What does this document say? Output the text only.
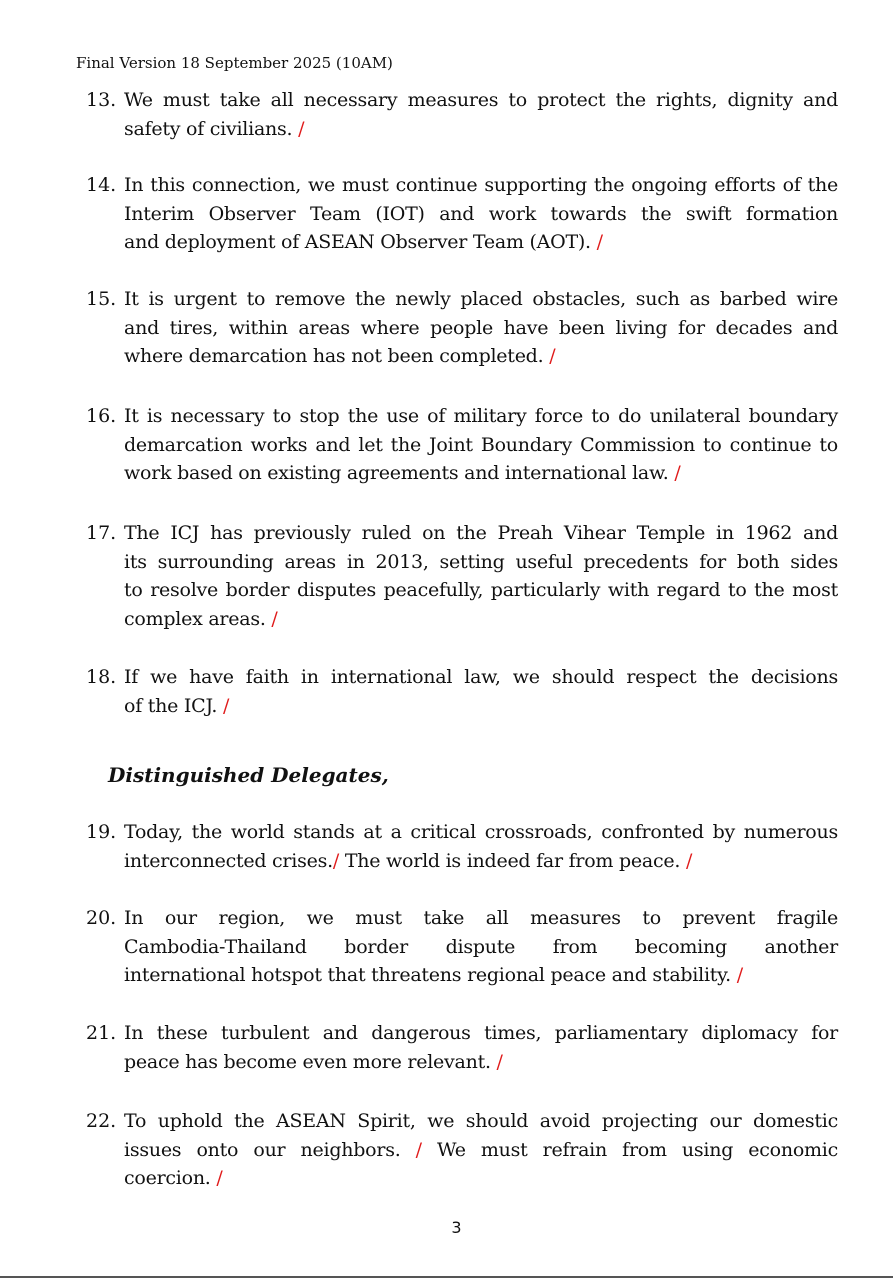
Final Version 18 September 2025 (10AM)
13. We must take all necessary measures to protect the rights, dignity and
safety of civilians. /
14. In this connection, we must continue supporting the ongoing efforts of the
Interim Observer Team (IOT) and work towards the swift formation
and deployment of ASEAN Observer Team (AOT). /
15. It is urgent to remove the newly placed obstacles, such as barbed wire
and tires, within areas where people have been living for decades and
where demarcation has not been completed. /
16. It is necessary to stop the use of military force to do unilateral boundary
demarcation works and let the Joint Boundary Commission to continue to
work based on existing agreements and international law. /
17. The ICJ has previously ruled on the Preah Vihear Temple in 1962 and
its surrounding areas in 2013, setting useful precedents for both sides
to resolve border disputes peacefully, particularly with regard to the most
complex areas. /
18. If we have faith in international law, we should respect the decisions
of the ICJ. /
Distinguished Delegates,
19. Today, the world stands at a critical crossroads, confronted by numerous
interconnected crises./ The world is indeed far from peace. /
20. In our region, we must take all measures to prevent fragile
Cambodia-Thailand border dispute from becoming another
international hotspot that threatens regional peace and stability. /
21. In these turbulent and dangerous times, parliamentary diplomacy for
peace has become even more relevant. /
22. To uphold the ASEAN Spirit, we should avoid projecting our domestic
issues onto our neighbors. / We must refrain from using economic
coercion. /
3
